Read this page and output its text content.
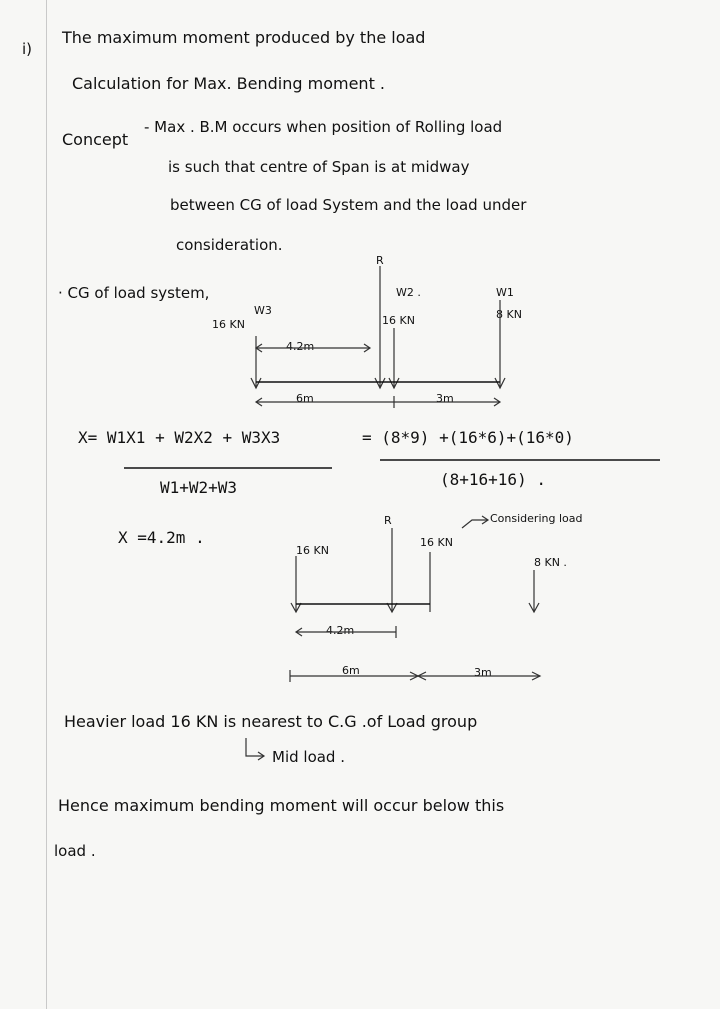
i)
The maximum moment produced by the load
Calculation for Max. Bending moment .
Concept
- Max . B.M occurs when position of Rolling load
is such that centre of Span is at midway
between CG of load System and the load under
consideration.
· CG of load system,
W3
16 KN
R
W2 .
16 KN
W1
8 KN
4.2m
6m	3m
X= W1X1 + W2X2 + W3X3
W1+W2+W3
= (8*9) +(16*6)+(16*0)
(8+16+16) .
X =4.2m .
Considering load
16 KN
R
16 KN
8 KN .
4.2m
6m	3m
Heavier load 16 KN is nearest to C.G .of Load group
Mid load .
Hence maximum bending moment will occur below this
load .
